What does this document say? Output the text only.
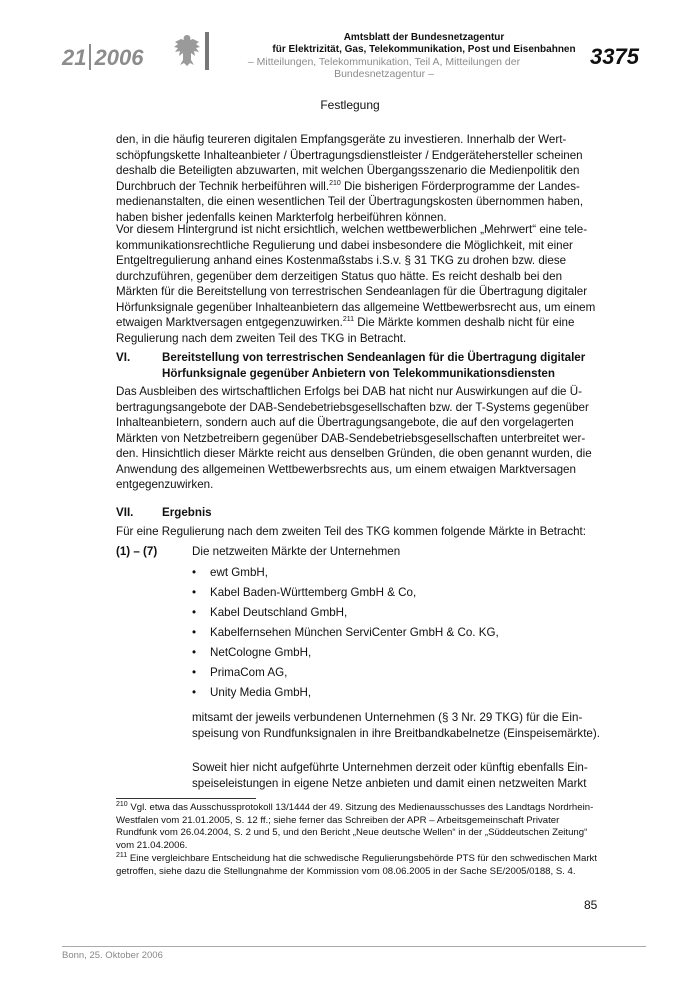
21 2006
Amtsblatt der Bundesnetzagentur
für Elektrizität, Gas, Telekommunikation, Post und Eisenbahnen
– Mitteilungen, Telekommunikation, Teil A, Mitteilungen der Bundesnetzagentur –
3375
Festlegung

den, in die häufig teureren digitalen Empfangsgeräte zu investieren. Innerhalb der Wertschöpfungskette Inhalteanbieter / Übertragungsdienstleister / Endgerätehersteller scheinen deshalb die Beteiligten abzuwarten, mit welchen Übergangsszenario die Medienpolitik den Durchbruch der Technik herbeiführen will.$^{210}$ Die bisherigen Förderprogramme der Landesmedienanstalten, die einen wesentlichen Teil der Übertragungskosten übernommen haben, haben bisher jedenfalls keinen Markterfolg herbeiführen können.

Vor diesem Hintergrund ist nicht ersichtlich, welchen wettbewerblichen „Mehrwert“ eine telekommunikationsrechtliche Regulierung und dabei insbesondere die Möglichkeit, mit einer Entgeltregulierung anhand eines Kostenmaßstabs i.S.v. § 31 TKG zu drohen bzw. diese durchzuführen, gegenüber dem derzeitigen Status quo hätte. Es reicht deshalb bei den Märkten für die Bereitstellung von terrestrischen Sendeanlagen für die Übertragung digitaler Hörfunksignale gegenüber Inhalteanbietern das allgemeine Wettbewerbsrecht aus, um einem etwaigen Marktversagen entgegenzuwirken.$^{211}$ Die Märkte kommen deshalb nicht für eine Regulierung nach dem zweiten Teil des TKG in Betracht.

VI.	Bereitstellung von terrestrischen Sendeanlagen für die Übertragung digitaler Hörfunksignale gegenüber Anbietern von Telekommunikationsdiensten

Das Ausbleiben des wirtschaftlichen Erfolgs bei DAB hat nicht nur Auswirkungen auf die Übertragungsangebote der DAB-Sendebetriebsgesellschaften bzw. der T-Systems gegenüber Inhalteanbietern, sondern auch auf die Übertragungsangebote, die auf den vorgelagerten Märkten von Netzbetreibern gegenüber DAB-Sendebetriebsgesellschaften unterbreitet werden. Hinsichtlich dieser Märkte reicht aus denselben Gründen, die oben genannt wurden, die Anwendung des allgemeinen Wettbewerbsrechts aus, um einem etwaigen Marktversagen entgegenzuwirken.

VII. Ergebnis

Für eine Regulierung nach dem zweiten Teil des TKG kommen folgende Märkte in Betracht:

(1) – (7)	Die netzweiten Märkte der Unternehmen
• ewt GmbH,
• Kabel Baden-Württemberg GmbH & Co,
• Kabel Deutschland GmbH,
• Kabelfernsehen München ServiCenter GmbH & Co. KG,
• NetCologne GmbH,
• PrimaCom AG,
• Unity Media GmbH,
mitsamt der jeweils verbundenen Unternehmen (§ 3 Nr. 29 TKG) für die Einspeisung von Rundfunksignalen in ihre Breitbandkabelnetze (Einspeisemärkte).
Soweit hier nicht aufgeführte Unternehmen derzeit oder künftig ebenfalls Einspeiseleistungen in eigene Netze anbieten und damit einen netzweiten Markt
$^{210}$ Vgl. etwa das Ausschussprotokoll 13/1444 der 49. Sitzung des Medienausschusses des Landtags Nordrhein-Westfalen vom 21.01.2005, S. 12 ff.; siehe ferner das Schreiben der APR – Arbeitsgemeinschaft Privater Rundfunk vom 26.04.2004, S. 2 und 5, und den Bericht „Neue deutsche Wellen“ in der „Süddeutschen Zeitung“ vom 21.04.2006.
$^{211}$ Eine vergleichbare Entscheidung hat die schwedische Regulierungsbehörde PTS für den schwedischen Markt getroffen, siehe dazu die Stellungnahme der Kommission vom 08.06.2005 in der Sache SE/2005/0188, S. 4.
85
Bonn, 25. Oktober 2006
